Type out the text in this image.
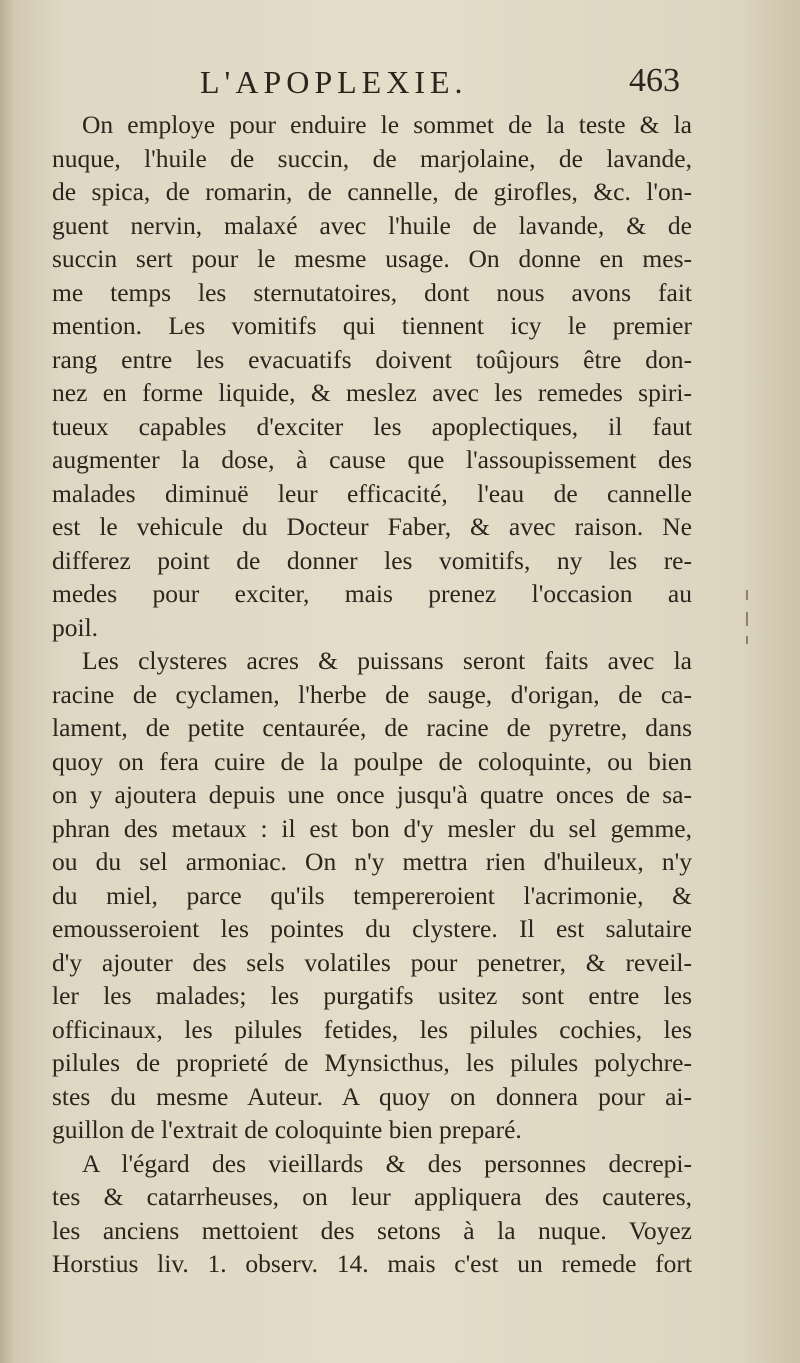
L'APOPLEXIE.	463
On employe pour enduire le sommet de la teste & la
nuque, l'huile de succin, de marjolaine, de lavande,
de spica, de romarin, de cannelle, de girofles, &c. l'on-
guent nervin, malaxé avec l'huile de lavande, & de
succin sert pour le mesme usage. On donne en mes-
me temps les sternutatoires, dont nous avons fait
mention. Les vomitifs qui tiennent icy le premier
rang entre les evacuatifs doivent toûjours être don-
nez en forme liquide, & meslez avec les remedes spiri-
tueux capables d'exciter les apoplectiques, il faut
augmenter la dose, à cause que l'assoupissement des
malades diminuë leur efficacité, l'eau de cannelle
est le vehicule du Docteur Faber, & avec raison. Ne
differez point de donner les vomitifs, ny les re-
medes pour exciter, mais prenez l'occasion au
poil.
Les clysteres acres & puissans seront faits avec la
racine de cyclamen, l'herbe de sauge, d'origan, de ca-
lament, de petite centaurée, de racine de pyretre, dans
quoy on fera cuire de la poulpe de coloquinte, ou bien
on y ajoutera depuis une once jusqu'à quatre onces de sa-
phran des metaux : il est bon d'y mesler du sel gemme,
ou du sel armoniac. On n'y mettra rien d'huileux, n'y
du miel, parce qu'ils tempereroient l'acrimonie, &
emousseroient les pointes du clystere. Il est salutaire
d'y ajouter des sels volatiles pour penetrer, & reveil-
ler les malades; les purgatifs usitez sont entre les
officinaux, les pilules fetides, les pilules cochies, les
pilules de proprieté de Mynsicthus, les pilules polychre-
stes du mesme Auteur. A quoy on donnera pour ai-
guillon de l'extrait de coloquinte bien preparé.
A l'égard des vieillards & des personnes decrepi-
tes & catarrheuses, on leur appliquera des cauteres,
les anciens mettoient des setons à la nuque. Voyez
Horstius liv. 1. observ. 14. mais c'est un remede fort
